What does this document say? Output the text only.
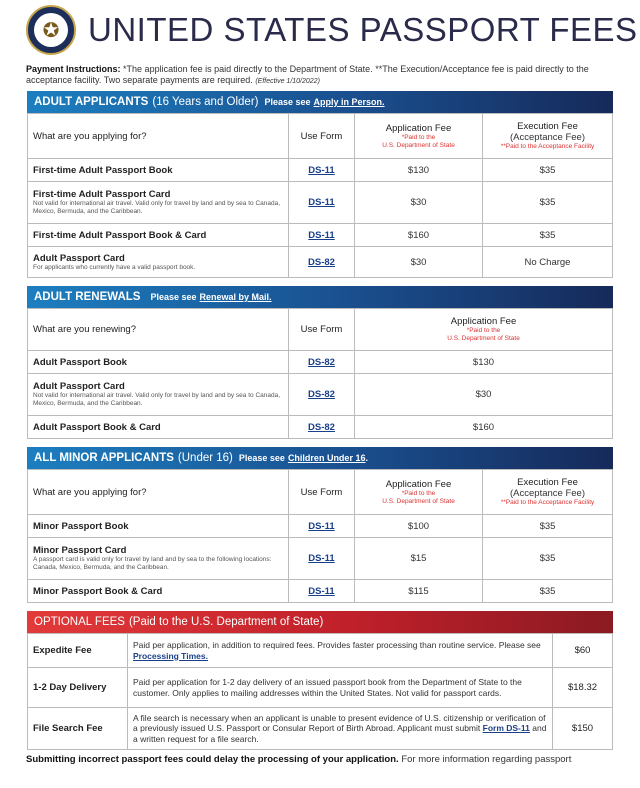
✪ UNITED STATES PASSPORT FEES

Payment Instructions: *The application fee is paid directly to the Department of State. **The Execution/Acceptance fee is paid directly to the acceptance facility. Two separate payments are required. (Effective 1/10/2022)

ADULT APPLICANTS (16 Years and Older) Please see Apply in Person.
What are you applying for?	Use Form	Application Fee
*Paid to the
U.S. Department of State	Execution Fee
(Acceptance Fee)
**Paid to the Acceptance Facility

First-time Adult Passport Book	DS-11	$130	$35
First-time Adult Passport Card
Not valid for international air travel. Valid only for travel by land and by sea to Canada, Mexico, Bermuda, and the Caribbean.	DS-11	$30	$35
First-time Adult Passport Book & Card	DS-11	$160	$35
Adult Passport Card
For applicants who currently have a valid passport book.	DS-82	$30	No Charge
ADULT RENEWALS Please see Renewal by Mail.
What are you renewing?	Use Form	Application Fee
*Paid to the
U.S. Department of State

Adult Passport Book	DS-82	$130
Adult Passport Card
Not valid for international air travel. Valid only for travel by land and by sea to Canada, Mexico, Bermuda, and the Caribbean.	DS-82	$30
Adult Passport Book & Card	DS-82	$160
ALL MINOR APPLICANTS (Under 16) Please see Children Under 16 .
What are you applying for?	Use Form	Application Fee
*Paid to the
U.S. Department of State	Execution Fee
(Acceptance Fee)
**Paid to the Acceptance Facility

Minor Passport Book	DS-11	$100	$35
Minor Passport Card
A passport card is valid only for travel by land and by sea to the following locations: Canada, Mexico, Bermuda, and the Caribbean.	DS-11	$15	$35
Minor Passport Book & Card	DS-11	$115	$35
OPTIONAL FEES (Paid to the U.S. Department of State)
Expedite Fee	Paid per application, in addition to required fees. Provides faster processing than routine service. Please see Processing Times.	$60
1-2 Day Delivery	Paid per application for 1-2 day delivery of an issued passport book from the Department of State to the customer. Only applies to mailing addresses within the United States. Not valid for passport cards.	$18.32
File Search Fee	A file search is necessary when an applicant is unable to present evidence of U.S. citizenship or verification of a previously issued U.S. Passport or Consular Report of Birth Abroad. Applicant must submit Form DS-11 and a written request for a file search.	$150

Submitting incorrect passport fees could delay the processing of your application. For more information regarding passport
